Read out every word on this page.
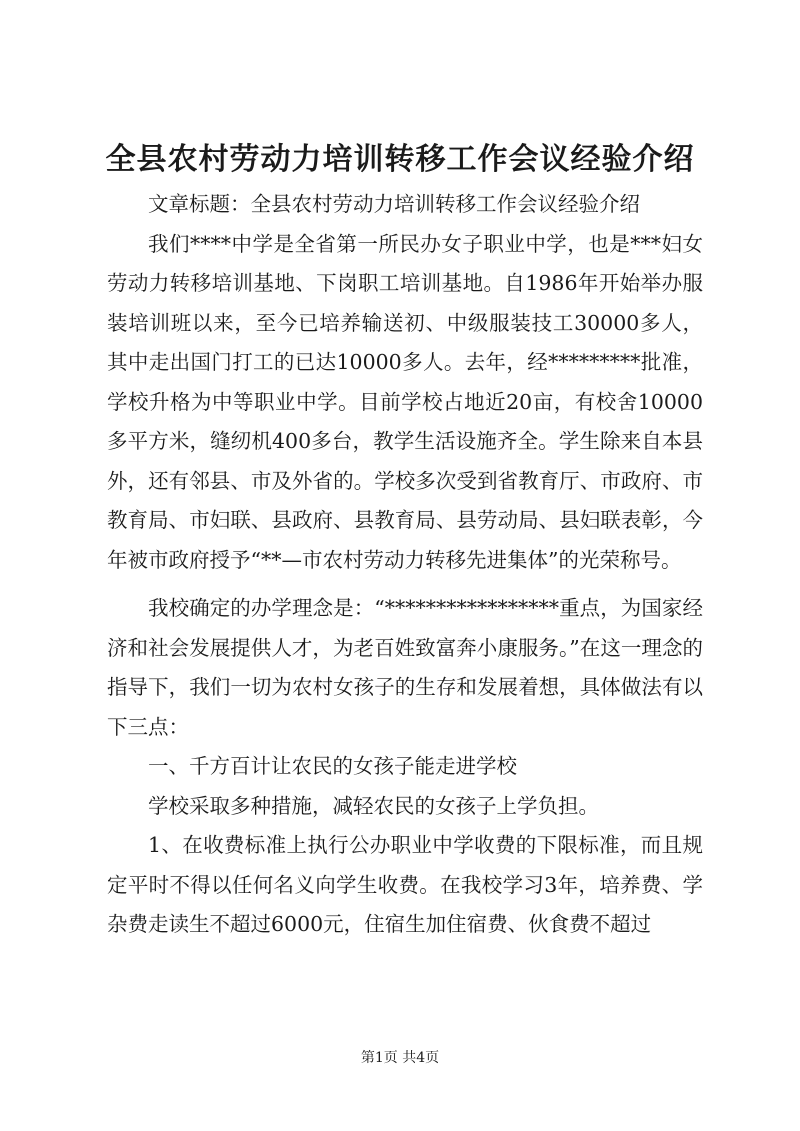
全县农村劳动力培训转移工作会议经验介绍

文章标题：全县农村劳动力培训转移工作会议经验介绍

我们****中学是全省第一所民办女子职业中学，也是***妇女劳动力转移培训基地、下岗职工培训基地。自1986年开始举办服装培训班以来，至今已培养输送初、中级服装技工30000多人，其中走出国门打工的已达10000多人。去年，经*********批准，学校升格为中等职业中学。目前学校占地近20亩，有校舍10000多平方米，缝纫机400多台，教学生活设施齐全。学生除来自本县外，还有邻县、市及外省的。学校多次受到省教育厅、市政府、市教育局、市妇联、县政府、县教育局、县劳动局、县妇联表彰，今年被市政府授予“**—市农村劳动力转移先进集体”的光荣称号。

我校确定的办学理念是：“*****************重点，为国家经济和社会发展提供人才，为老百姓致富奔小康服务。”在这一理念的指导下，我们一切为农村女孩子的生存和发展着想，具体做法有以下三点：

一、千方百计让农民的女孩子能走进学校

学校采取多种措施，减轻农民的女孩子上学负担。

1、在收费标准上执行公办职业中学收费的下限标准，而且规定平时不得以任何名义向学生收费。在我校学习3年，培养费、学杂费走读生不超过6000元，住宿生加住宿费、伙食费不超过

第1页 共4页
